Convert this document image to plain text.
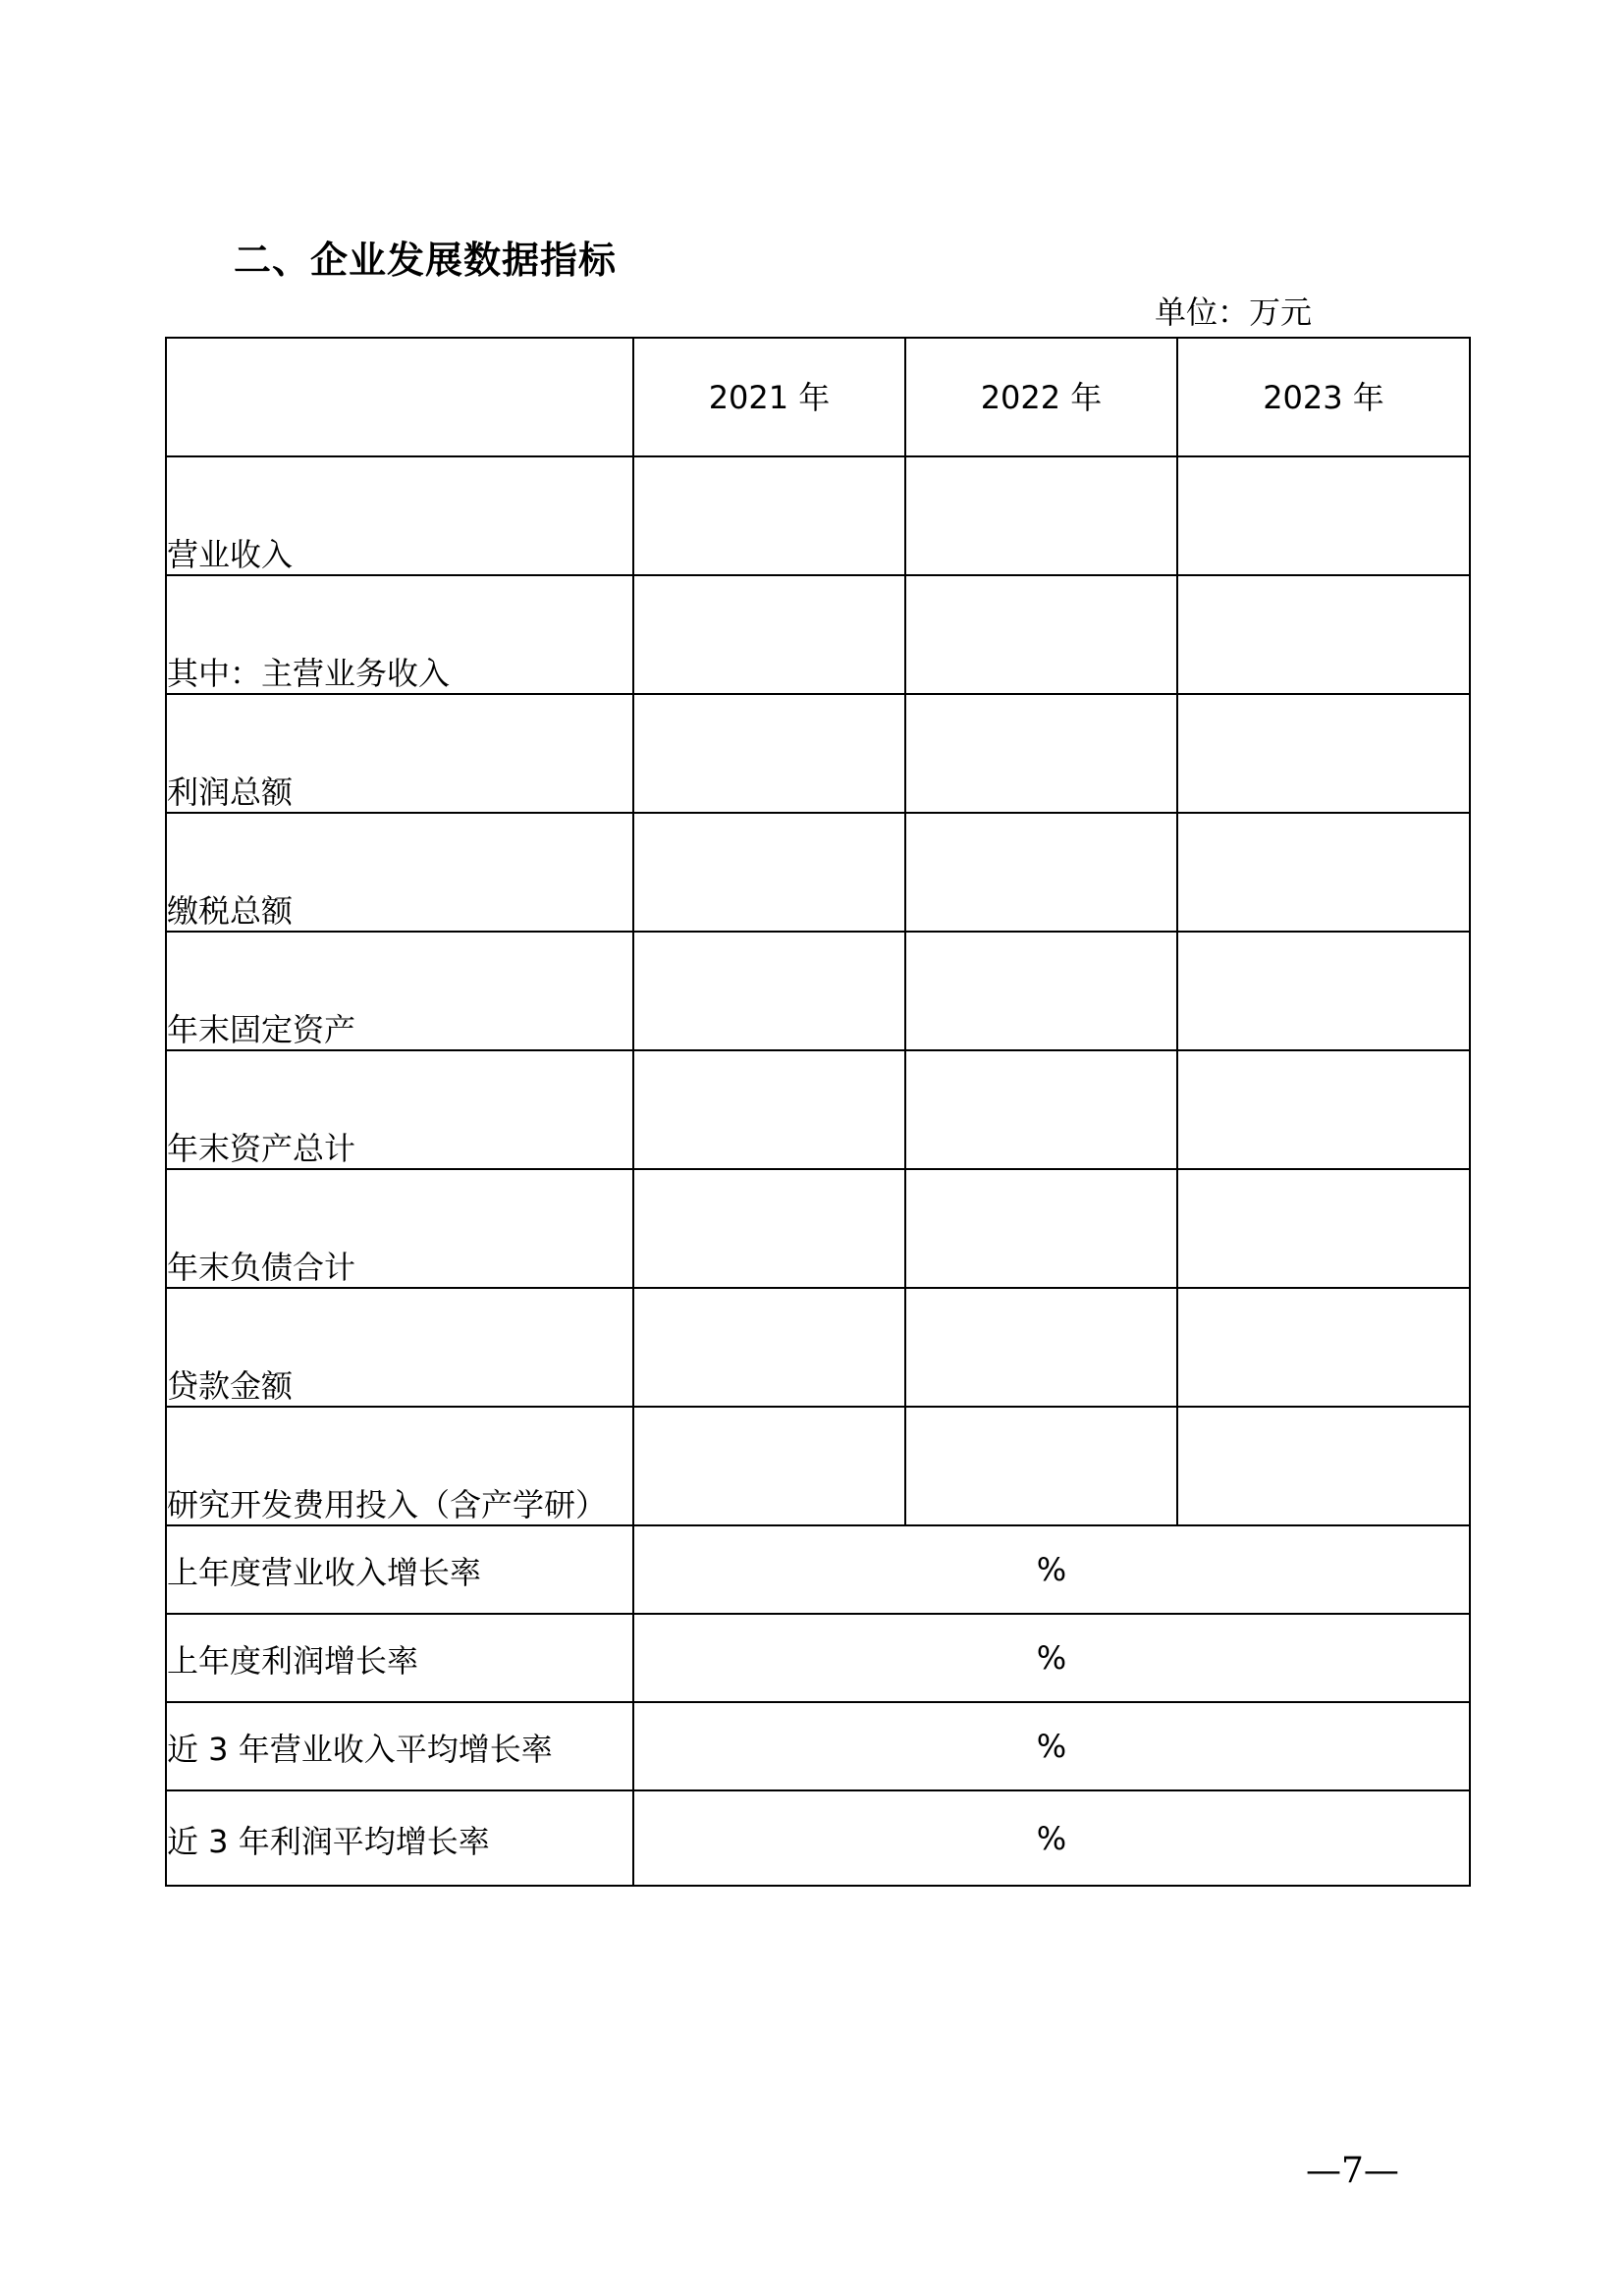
二、企业发展数据指标
单位：万元
	2021 年	2022 年	2023 年
营业收入			
其中：主营业务收入			
利润总额			
缴税总额			
年末固定资产			
年末资产总计			
年末负债合计			
贷款金额			
研究开发费用投入（含产学研）			
上年度营业收入增长率	%		
上年度利润增长率	%		
近 3 年营业收入平均增长率	%		
近 3 年利润平均增长率	%		
—7—
